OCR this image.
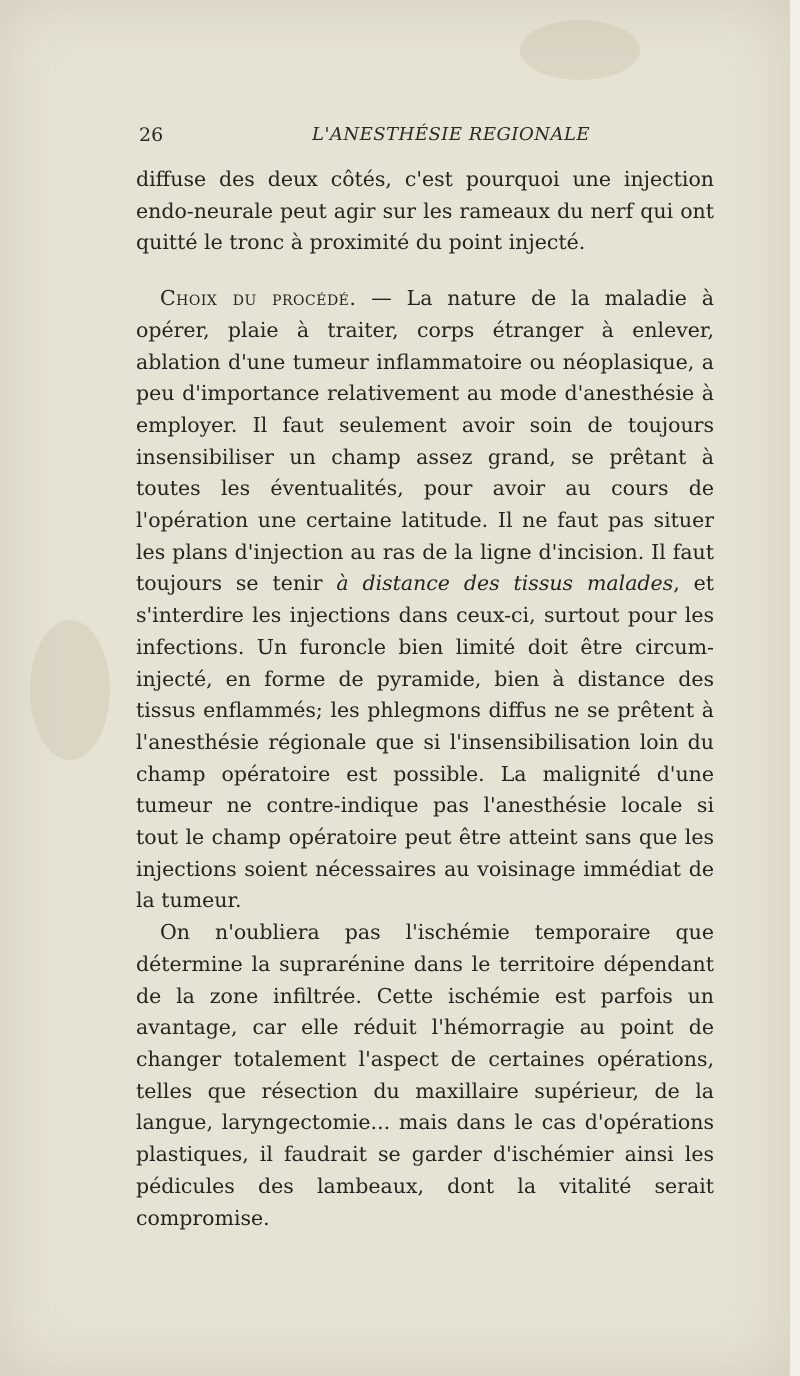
26	L'ANESTHÉSIE REGIONALE

diffuse des deux côtés, c'est pourquoi une injection endo-neurale peut agir sur les rameaux du nerf qui ont quitté le tronc à proximité du point injecté.

Choix du procédé. — La nature de la maladie à opérer, plaie à traiter, corps étranger à enlever, ablation d'une tumeur inflammatoire ou néoplasique, a peu d'importance relativement au mode d'anesthésie à employer. Il faut seulement avoir soin de toujours insensibiliser un champ assez grand, se prêtant à toutes les éventualités, pour avoir au cours de l'opération une certaine latitude. Il ne faut pas situer les plans d'injection au ras de la ligne d'incision. Il faut toujours se tenir à distance des tissus malades, et s'interdire les injections dans ceux-ci, surtout pour les infections. Un furoncle bien limité doit être circum-injecté, en forme de pyramide, bien à distance des tissus enflammés; les phlegmons diffus ne se prêtent à l'anesthésie régionale que si l'insensibilisation loin du champ opératoire est possible. La malignité d'une tumeur ne contre-indique pas l'anesthésie locale si tout le champ opératoire peut être atteint sans que les injections soient nécessaires au voisinage immédiat de la tumeur.

On n'oubliera pas l'ischémie temporaire que détermine la suprarénine dans le territoire dépendant de la zone infiltrée. Cette ischémie est parfois un avantage, car elle réduit l'hémorragie au point de changer totalement l'aspect de certaines opérations, telles que résection du maxillaire supérieur, de la langue, laryngectomie... mais dans le cas d'opérations plastiques, il faudrait se garder d'ischémier ainsi les pédicules des lambeaux, dont la vitalité serait compromise.
